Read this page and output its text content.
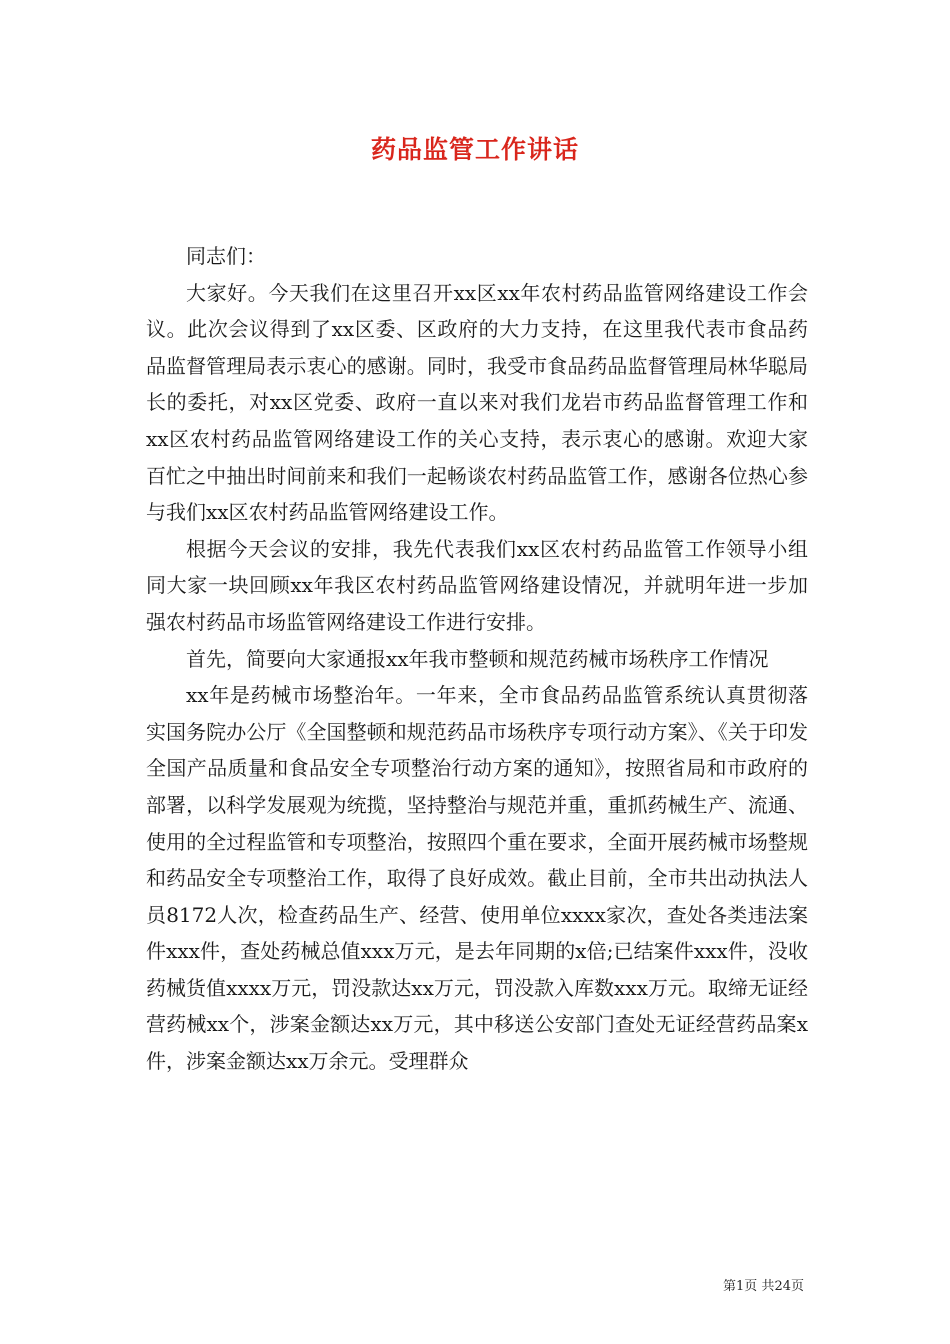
药品监管工作讲话

同志们：

大家好。今天我们在这里召开xx区xx年农村药品监管网络建设工作会议。此次会议得到了xx区委、区政府的大力支持，在这里我代表市食品药品监督管理局表示衷心的感谢。同时，我受市食品药品监督管理局林华聪局长的委托，对xx区党委、政府一直以来对我们龙岩市药品监督管理工作和xx区农村药品监管网络建设工作的关心支持，表示衷心的感谢。欢迎大家百忙之中抽出时间前来和我们一起畅谈农村药品监管工作，感谢各位热心参与我们xx区农村药品监管网络建设工作。

根据今天会议的安排，我先代表我们xx区农村药品监管工作领导小组同大家一块回顾xx年我区农村药品监管网络建设情况，并就明年进一步加强农村药品市场监管网络建设工作进行安排。

首先，简要向大家通报xx年我市整顿和规范药械市场秩序工作情况

xx年是药械市场整治年。一年来，全市食品药品监管系统认真贯彻落实国务院办公厅《全国整顿和规范药品市场秩序专项行动方案》、《关于印发全国产品质量和食品安全专项整治行动方案的通知》，按照省局和市政府的部署，以科学发展观为统揽，坚持整治与规范并重，重抓药械生产、流通、使用的全过程监管和专项整治，按照四个重在要求，全面开展药械市场整规和药品安全专项整治工作，取得了良好成效。截止目前，全市共出动执法人员8172人次，检查药品生产、经营、使用单位xxxx家次，查处各类违法案件xxx件，查处药械总值xxx万元，是去年同期的x倍;已结案件xxx件，没收药械货值xxxx万元，罚没款达xx万元，罚没款入库数xxx万元。取缔无证经营药械xx个，涉案金额达xx万元，其中移送公安部门查处无证经营药品案x件，涉案金额达xx万余元。受理群众

第1页 共24页
